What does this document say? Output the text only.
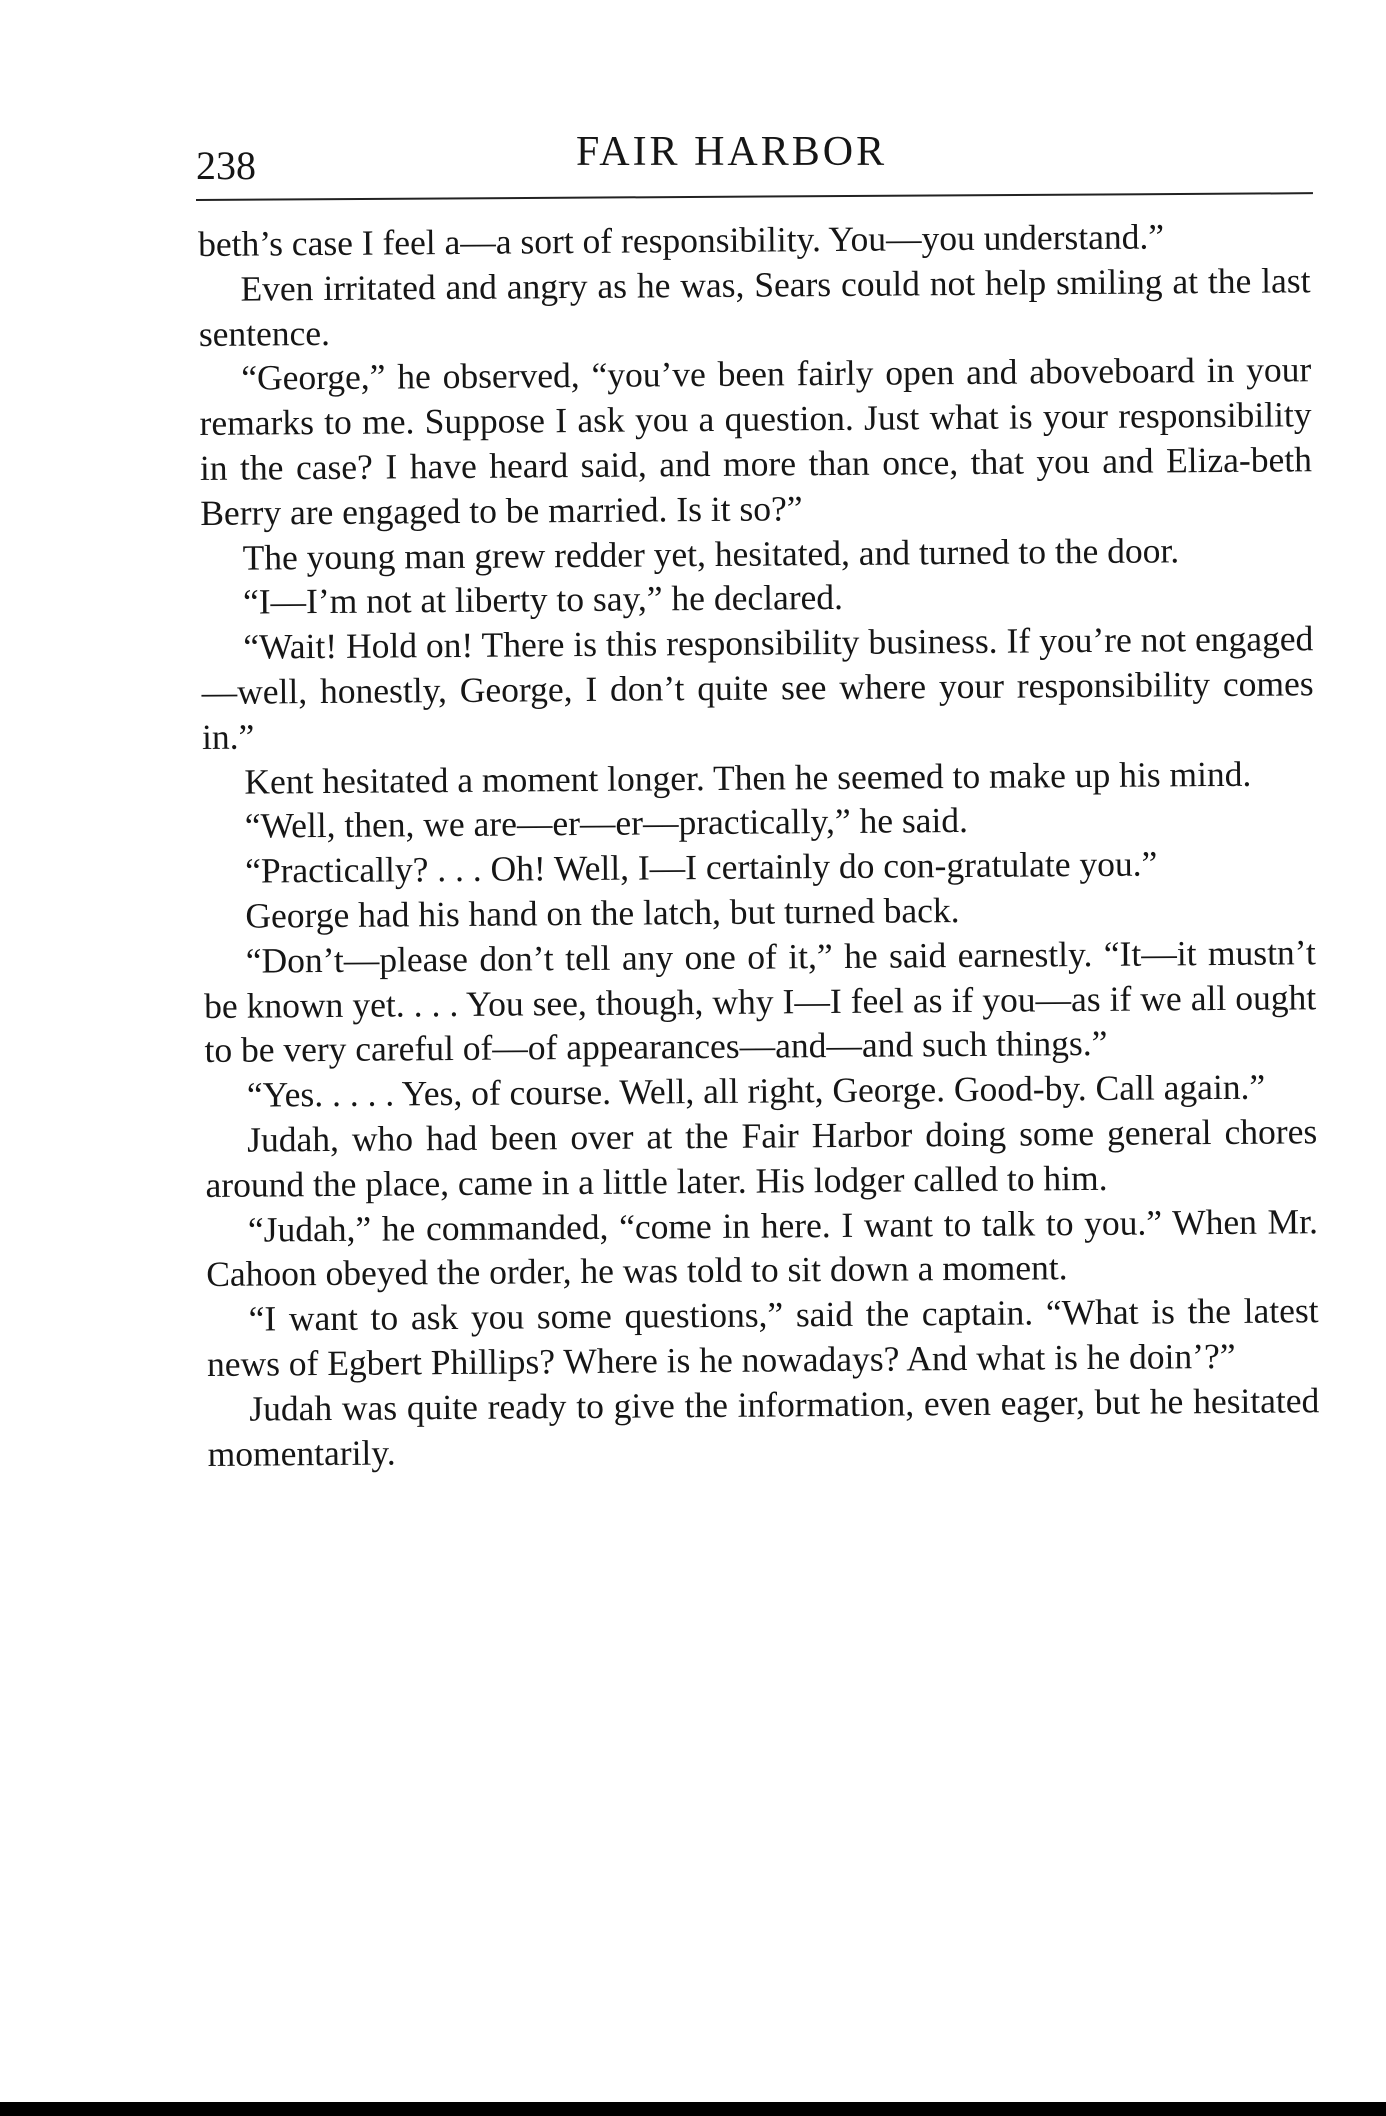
238	FAIR HARBOR

beth’s case I feel a—a sort of responsibility. You—you understand.”

Even irritated and angry as he was, Sears could not help smiling at the last sentence.

“George,” he observed, “you’ve been fairly open and aboveboard in your remarks to me. Suppose I ask you a question. Just what is your responsibility in the case? I have heard said, and more than once, that you and Eliza-beth Berry are engaged to be married. Is it so?”

The young man grew redder yet, hesitated, and turned to the door.

“I—I’m not at liberty to say,” he declared.

“Wait! Hold on! There is this responsibility business. If you’re not engaged—well, honestly, George, I don’t quite see where your responsibility comes in.”

Kent hesitated a moment longer. Then he seemed to make up his mind.

“Well, then, we are—er—er—practically,” he said.

“Practically? . . . Oh! Well, I—I certainly do con-gratulate you.”

George had his hand on the latch, but turned back.

“Don’t—please don’t tell any one of it,” he said earnestly. “It—it mustn’t be known yet. . . . You see, though, why I—I feel as if you—as if we all ought to be very careful of—of appearances—and—and such things.”

“Yes. . . . . Yes, of course. Well, all right, George. Good-by. Call again.”

Judah, who had been over at the Fair Harbor doing some general chores around the place, came in a little later. His lodger called to him.

“Judah,” he commanded, “come in here. I want to talk to you.” When Mr. Cahoon obeyed the order, he was told to sit down a moment.

“I want to ask you some questions,” said the captain. “What is the latest news of Egbert Phillips? Where is he nowadays? And what is he doin’?”

Judah was quite ready to give the information, even eager, but he hesitated momentarily.
